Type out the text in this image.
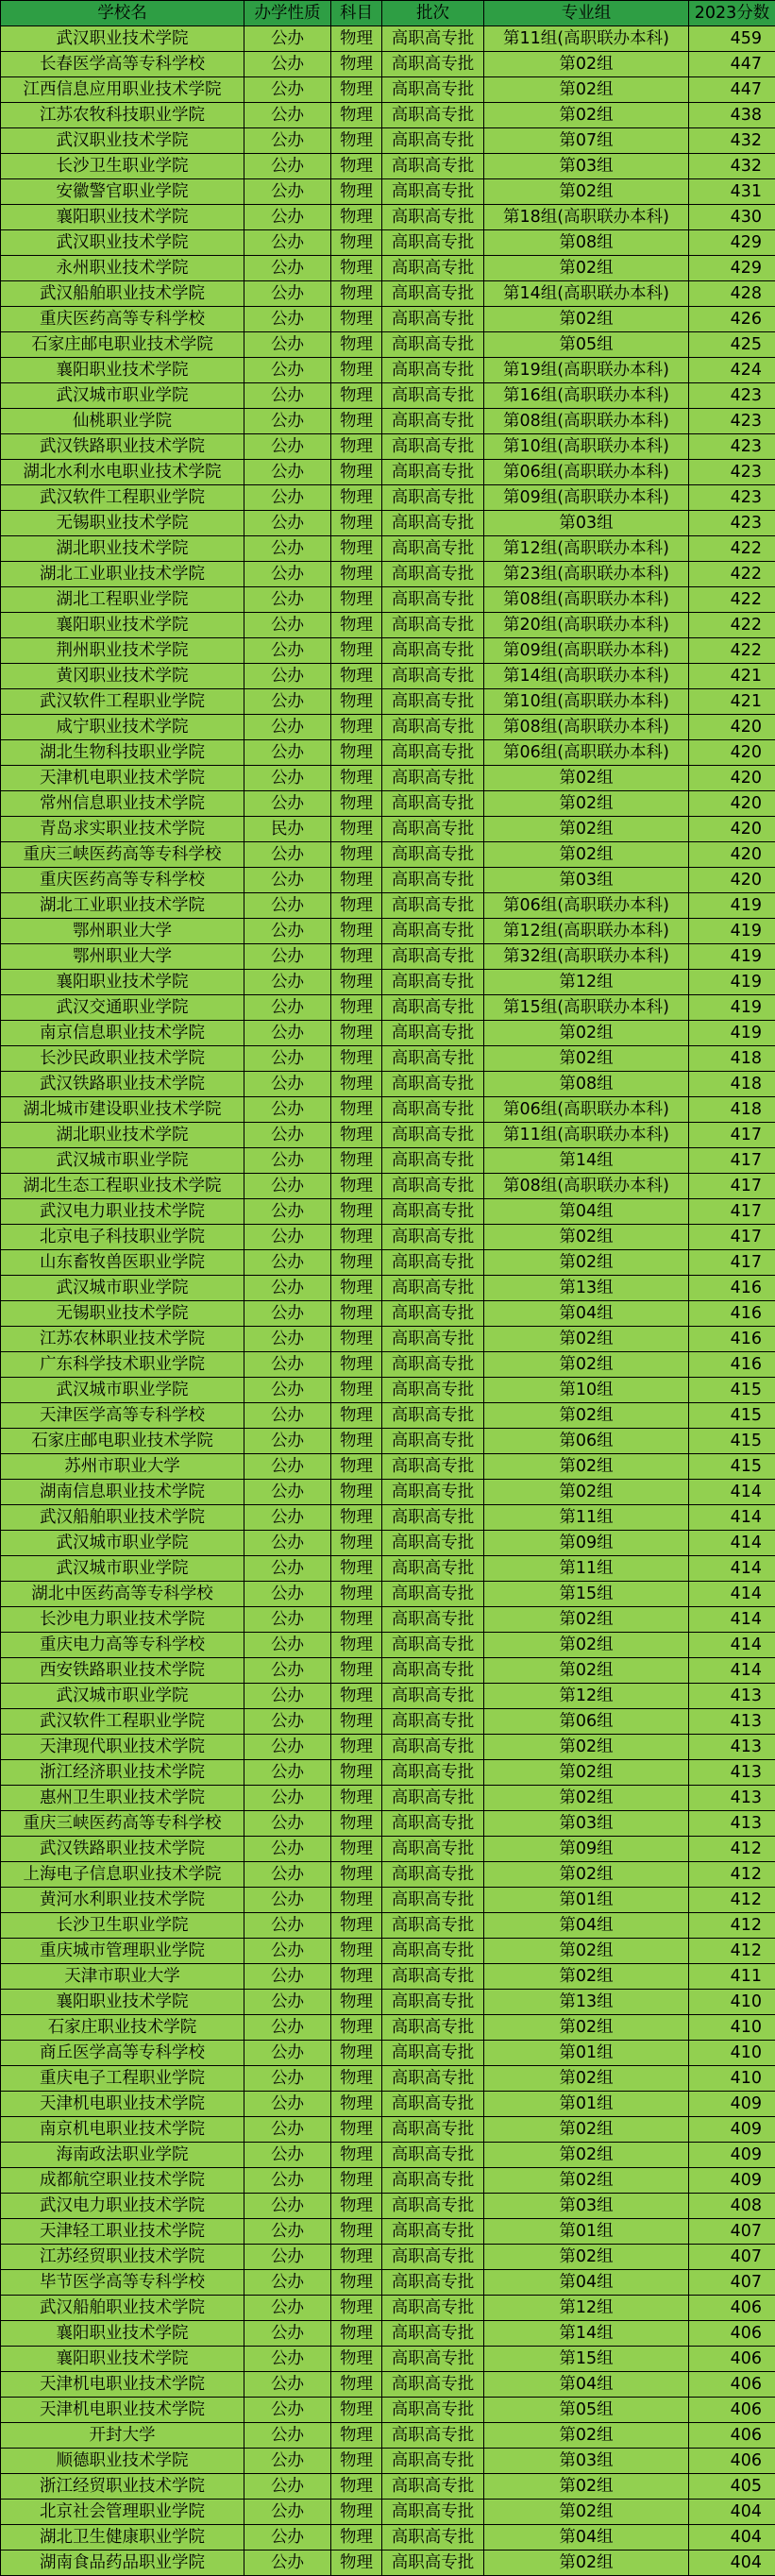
学校名	办学性质	科目	批次	专业组	2023分数
武汉职业技术学院	公办	物理	高职高专批	第11组(高职联办本科)	459
长春医学高等专科学校	公办	物理	高职高专批	第02组	447
江西信息应用职业技术学院	公办	物理	高职高专批	第02组	447
江苏农牧科技职业学院	公办	物理	高职高专批	第02组	438
武汉职业技术学院	公办	物理	高职高专批	第07组	432
长沙卫生职业学院	公办	物理	高职高专批	第03组	432
安徽警官职业学院	公办	物理	高职高专批	第02组	431
襄阳职业技术学院	公办	物理	高职高专批	第18组(高职联办本科)	430
武汉职业技术学院	公办	物理	高职高专批	第08组	429
永州职业技术学院	公办	物理	高职高专批	第02组	429
武汉船舶职业技术学院	公办	物理	高职高专批	第14组(高职联办本科)	428
重庆医药高等专科学校	公办	物理	高职高专批	第02组	426
石家庄邮电职业技术学院	公办	物理	高职高专批	第05组	425
襄阳职业技术学院	公办	物理	高职高专批	第19组(高职联办本科)	424
武汉城市职业学院	公办	物理	高职高专批	第16组(高职联办本科)	423
仙桃职业学院	公办	物理	高职高专批	第08组(高职联办本科)	423
武汉铁路职业技术学院	公办	物理	高职高专批	第10组(高职联办本科)	423
湖北水利水电职业技术学院	公办	物理	高职高专批	第06组(高职联办本科)	423
武汉软件工程职业学院	公办	物理	高职高专批	第09组(高职联办本科)	423
无锡职业技术学院	公办	物理	高职高专批	第03组	423
湖北职业技术学院	公办	物理	高职高专批	第12组(高职联办本科)	422
湖北工业职业技术学院	公办	物理	高职高专批	第23组(高职联办本科)	422
湖北工程职业学院	公办	物理	高职高专批	第08组(高职联办本科)	422
襄阳职业技术学院	公办	物理	高职高专批	第20组(高职联办本科)	422
荆州职业技术学院	公办	物理	高职高专批	第09组(高职联办本科)	422
黄冈职业技术学院	公办	物理	高职高专批	第14组(高职联办本科)	421
武汉软件工程职业学院	公办	物理	高职高专批	第10组(高职联办本科)	421
咸宁职业技术学院	公办	物理	高职高专批	第08组(高职联办本科)	420
湖北生物科技职业学院	公办	物理	高职高专批	第06组(高职联办本科)	420
天津机电职业技术学院	公办	物理	高职高专批	第02组	420
常州信息职业技术学院	公办	物理	高职高专批	第02组	420
青岛求实职业技术学院	民办	物理	高职高专批	第02组	420
重庆三峡医药高等专科学校	公办	物理	高职高专批	第02组	420
重庆医药高等专科学校	公办	物理	高职高专批	第03组	420
湖北工业职业技术学院	公办	物理	高职高专批	第06组(高职联办本科)	419
鄂州职业大学	公办	物理	高职高专批	第12组(高职联办本科)	419
鄂州职业大学	公办	物理	高职高专批	第32组(高职联办本科)	419
襄阳职业技术学院	公办	物理	高职高专批	第12组	419
武汉交通职业学院	公办	物理	高职高专批	第15组(高职联办本科)	419
南京信息职业技术学院	公办	物理	高职高专批	第02组	419
长沙民政职业技术学院	公办	物理	高职高专批	第02组	418
武汉铁路职业技术学院	公办	物理	高职高专批	第08组	418
湖北城市建设职业技术学院	公办	物理	高职高专批	第06组(高职联办本科)	418
湖北职业技术学院	公办	物理	高职高专批	第11组(高职联办本科)	417
武汉城市职业学院	公办	物理	高职高专批	第14组	417
湖北生态工程职业技术学院	公办	物理	高职高专批	第08组(高职联办本科)	417
武汉电力职业技术学院	公办	物理	高职高专批	第04组	417
北京电子科技职业学院	公办	物理	高职高专批	第02组	417
山东畜牧兽医职业学院	公办	物理	高职高专批	第02组	417
武汉城市职业学院	公办	物理	高职高专批	第13组	416
无锡职业技术学院	公办	物理	高职高专批	第04组	416
江苏农林职业技术学院	公办	物理	高职高专批	第02组	416
广东科学技术职业学院	公办	物理	高职高专批	第02组	416
武汉城市职业学院	公办	物理	高职高专批	第10组	415
天津医学高等专科学校	公办	物理	高职高专批	第02组	415
石家庄邮电职业技术学院	公办	物理	高职高专批	第06组	415
苏州市职业大学	公办	物理	高职高专批	第02组	415
湖南信息职业技术学院	公办	物理	高职高专批	第02组	414
武汉船舶职业技术学院	公办	物理	高职高专批	第11组	414
武汉城市职业学院	公办	物理	高职高专批	第09组	414
武汉城市职业学院	公办	物理	高职高专批	第11组	414
湖北中医药高等专科学校	公办	物理	高职高专批	第15组	414
长沙电力职业技术学院	公办	物理	高职高专批	第02组	414
重庆电力高等专科学校	公办	物理	高职高专批	第02组	414
西安铁路职业技术学院	公办	物理	高职高专批	第02组	414
武汉城市职业学院	公办	物理	高职高专批	第12组	413
武汉软件工程职业学院	公办	物理	高职高专批	第06组	413
天津现代职业技术学院	公办	物理	高职高专批	第02组	413
浙江经济职业技术学院	公办	物理	高职高专批	第02组	413
惠州卫生职业技术学院	公办	物理	高职高专批	第02组	413
重庆三峡医药高等专科学校	公办	物理	高职高专批	第03组	413
武汉铁路职业技术学院	公办	物理	高职高专批	第09组	412
上海电子信息职业技术学院	公办	物理	高职高专批	第02组	412
黄河水利职业技术学院	公办	物理	高职高专批	第01组	412
长沙卫生职业学院	公办	物理	高职高专批	第04组	412
重庆城市管理职业学院	公办	物理	高职高专批	第02组	412
天津市职业大学	公办	物理	高职高专批	第02组	411
襄阳职业技术学院	公办	物理	高职高专批	第13组	410
石家庄职业技术学院	公办	物理	高职高专批	第02组	410
商丘医学高等专科学校	公办	物理	高职高专批	第01组	410
重庆电子工程职业学院	公办	物理	高职高专批	第02组	410
天津机电职业技术学院	公办	物理	高职高专批	第01组	409
南京机电职业技术学院	公办	物理	高职高专批	第02组	409
海南政法职业学院	公办	物理	高职高专批	第02组	409
成都航空职业技术学院	公办	物理	高职高专批	第02组	409
武汉电力职业技术学院	公办	物理	高职高专批	第03组	408
天津轻工职业技术学院	公办	物理	高职高专批	第01组	407
江苏经贸职业技术学院	公办	物理	高职高专批	第02组	407
毕节医学高等专科学校	公办	物理	高职高专批	第04组	407
武汉船舶职业技术学院	公办	物理	高职高专批	第12组	406
襄阳职业技术学院	公办	物理	高职高专批	第14组	406
襄阳职业技术学院	公办	物理	高职高专批	第15组	406
天津机电职业技术学院	公办	物理	高职高专批	第04组	406
天津机电职业技术学院	公办	物理	高职高专批	第05组	406
开封大学	公办	物理	高职高专批	第02组	406
顺德职业技术学院	公办	物理	高职高专批	第03组	406
浙江经贸职业技术学院	公办	物理	高职高专批	第02组	405
北京社会管理职业学院	公办	物理	高职高专批	第02组	404
湖北卫生健康职业学院	公办	物理	高职高专批	第04组	404
湖南食品药品职业学院	公办	物理	高职高专批	第02组	404
